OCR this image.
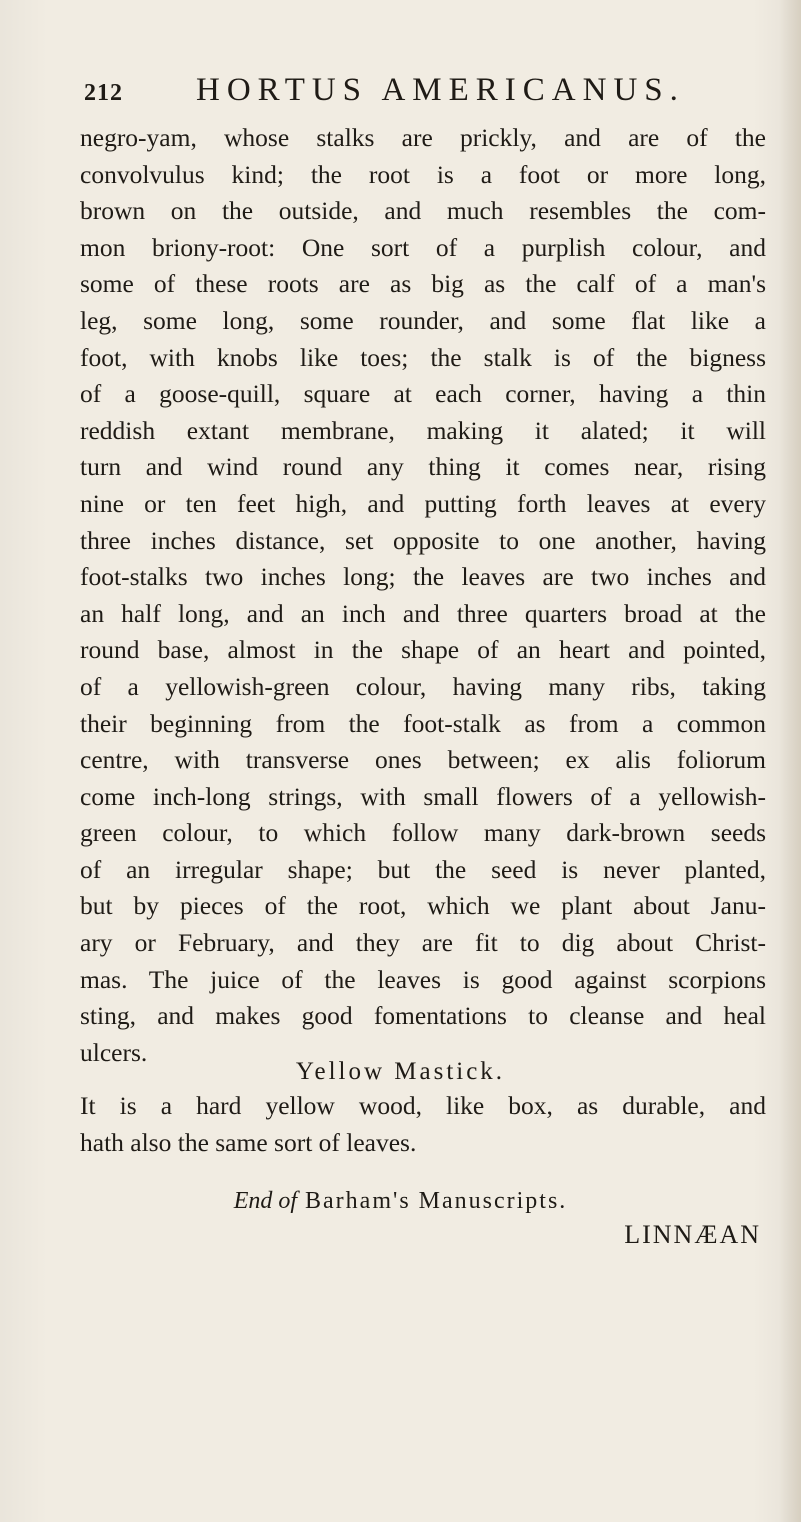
212 HORTUS AMERICANUS.
negro-yam, whose stalks are prickly, and are of the
convolvulus kind; the root is a foot or more long,
brown on the outside, and much resembles the com-
mon briony-root: One sort of a purplish colour, and
some of these roots are as big as the calf of a man's
leg, some long, some rounder, and some flat like a
foot, with knobs like toes; the stalk is of the bigness
of a goose-quill, square at each corner, having a thin
reddish extant membrane, making it alated; it will
turn and wind round any thing it comes near, rising
nine or ten feet high, and putting forth leaves at every
three inches distance, set opposite to one another, having
foot-stalks two inches long; the leaves are two inches and
an half long, and an inch and three quarters broad at the
round base, almost in the shape of an heart and pointed,
of a yellowish-green colour, having many ribs, taking
their beginning from the foot-stalk as from a common
centre, with transverse ones between; ex alis foliorum
come inch-long strings, with small flowers of a yellowish-
green colour, to which follow many dark-brown seeds
of an irregular shape; but the seed is never planted,
but by pieces of the root, which we plant about Janu-
ary or February, and they are fit to dig about Christ-
mas. The juice of the leaves is good against scorpions
sting, and makes good fomentations to cleanse and heal
ulcers.
Yellow Mastick.
It is a hard yellow wood, like box, as durable, and
hath also the same sort of leaves.
End of Barham's Manuscripts.
LINNÆAN
